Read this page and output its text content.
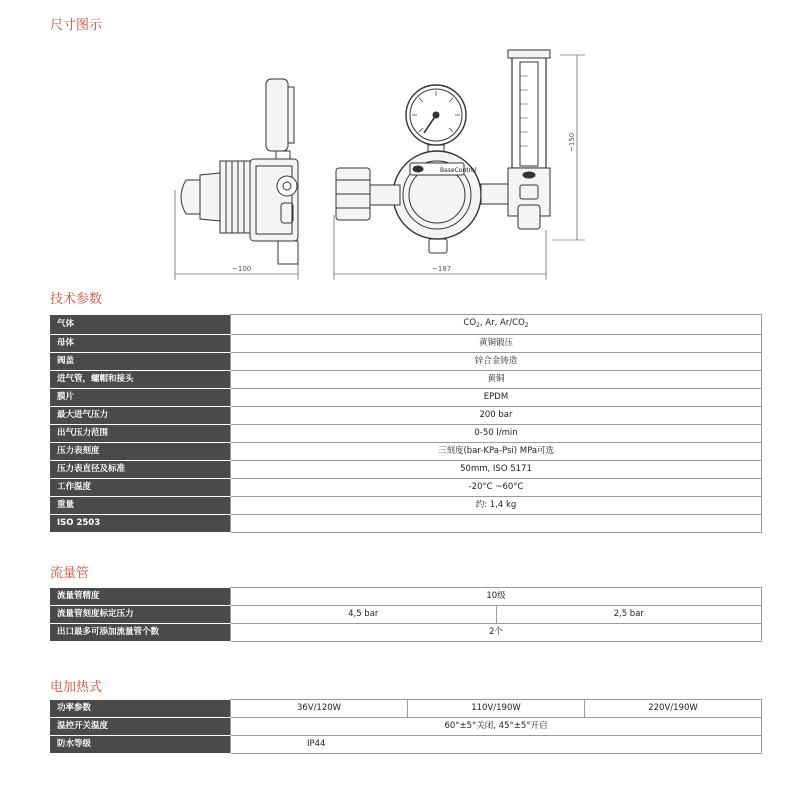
尺寸图示
BaseControl
~100	~187
~150
技术参数
气体	$CO_2$, Ar, $Ar/CO_2$
母体	黄铜锻压
阀盖	锌合金铸造
进气管，螺帽和接头	黄铜
膜片	EPDM
最大进气压力	200 bar
出气压力范围	0-50 l/min
压力表刻度	三刻度(bar-KPa-Psi) MPa可选
压力表直径及标准	50mm, ISO 5171
工作温度	-20°C ~60°C
重量	约: 1,4 kg
ISO 2503	
流量管
流量管精度	10级	
流量管刻度标定压力	4,5 bar	2,5 bar
出口最多可添加流量管个数	2个	
电加热式
功率参数	36V/120W	110V/190W	220V/190W
温控开关温度	60°±5°关闭, 45°±5°开启		
防水等级	IP44		
